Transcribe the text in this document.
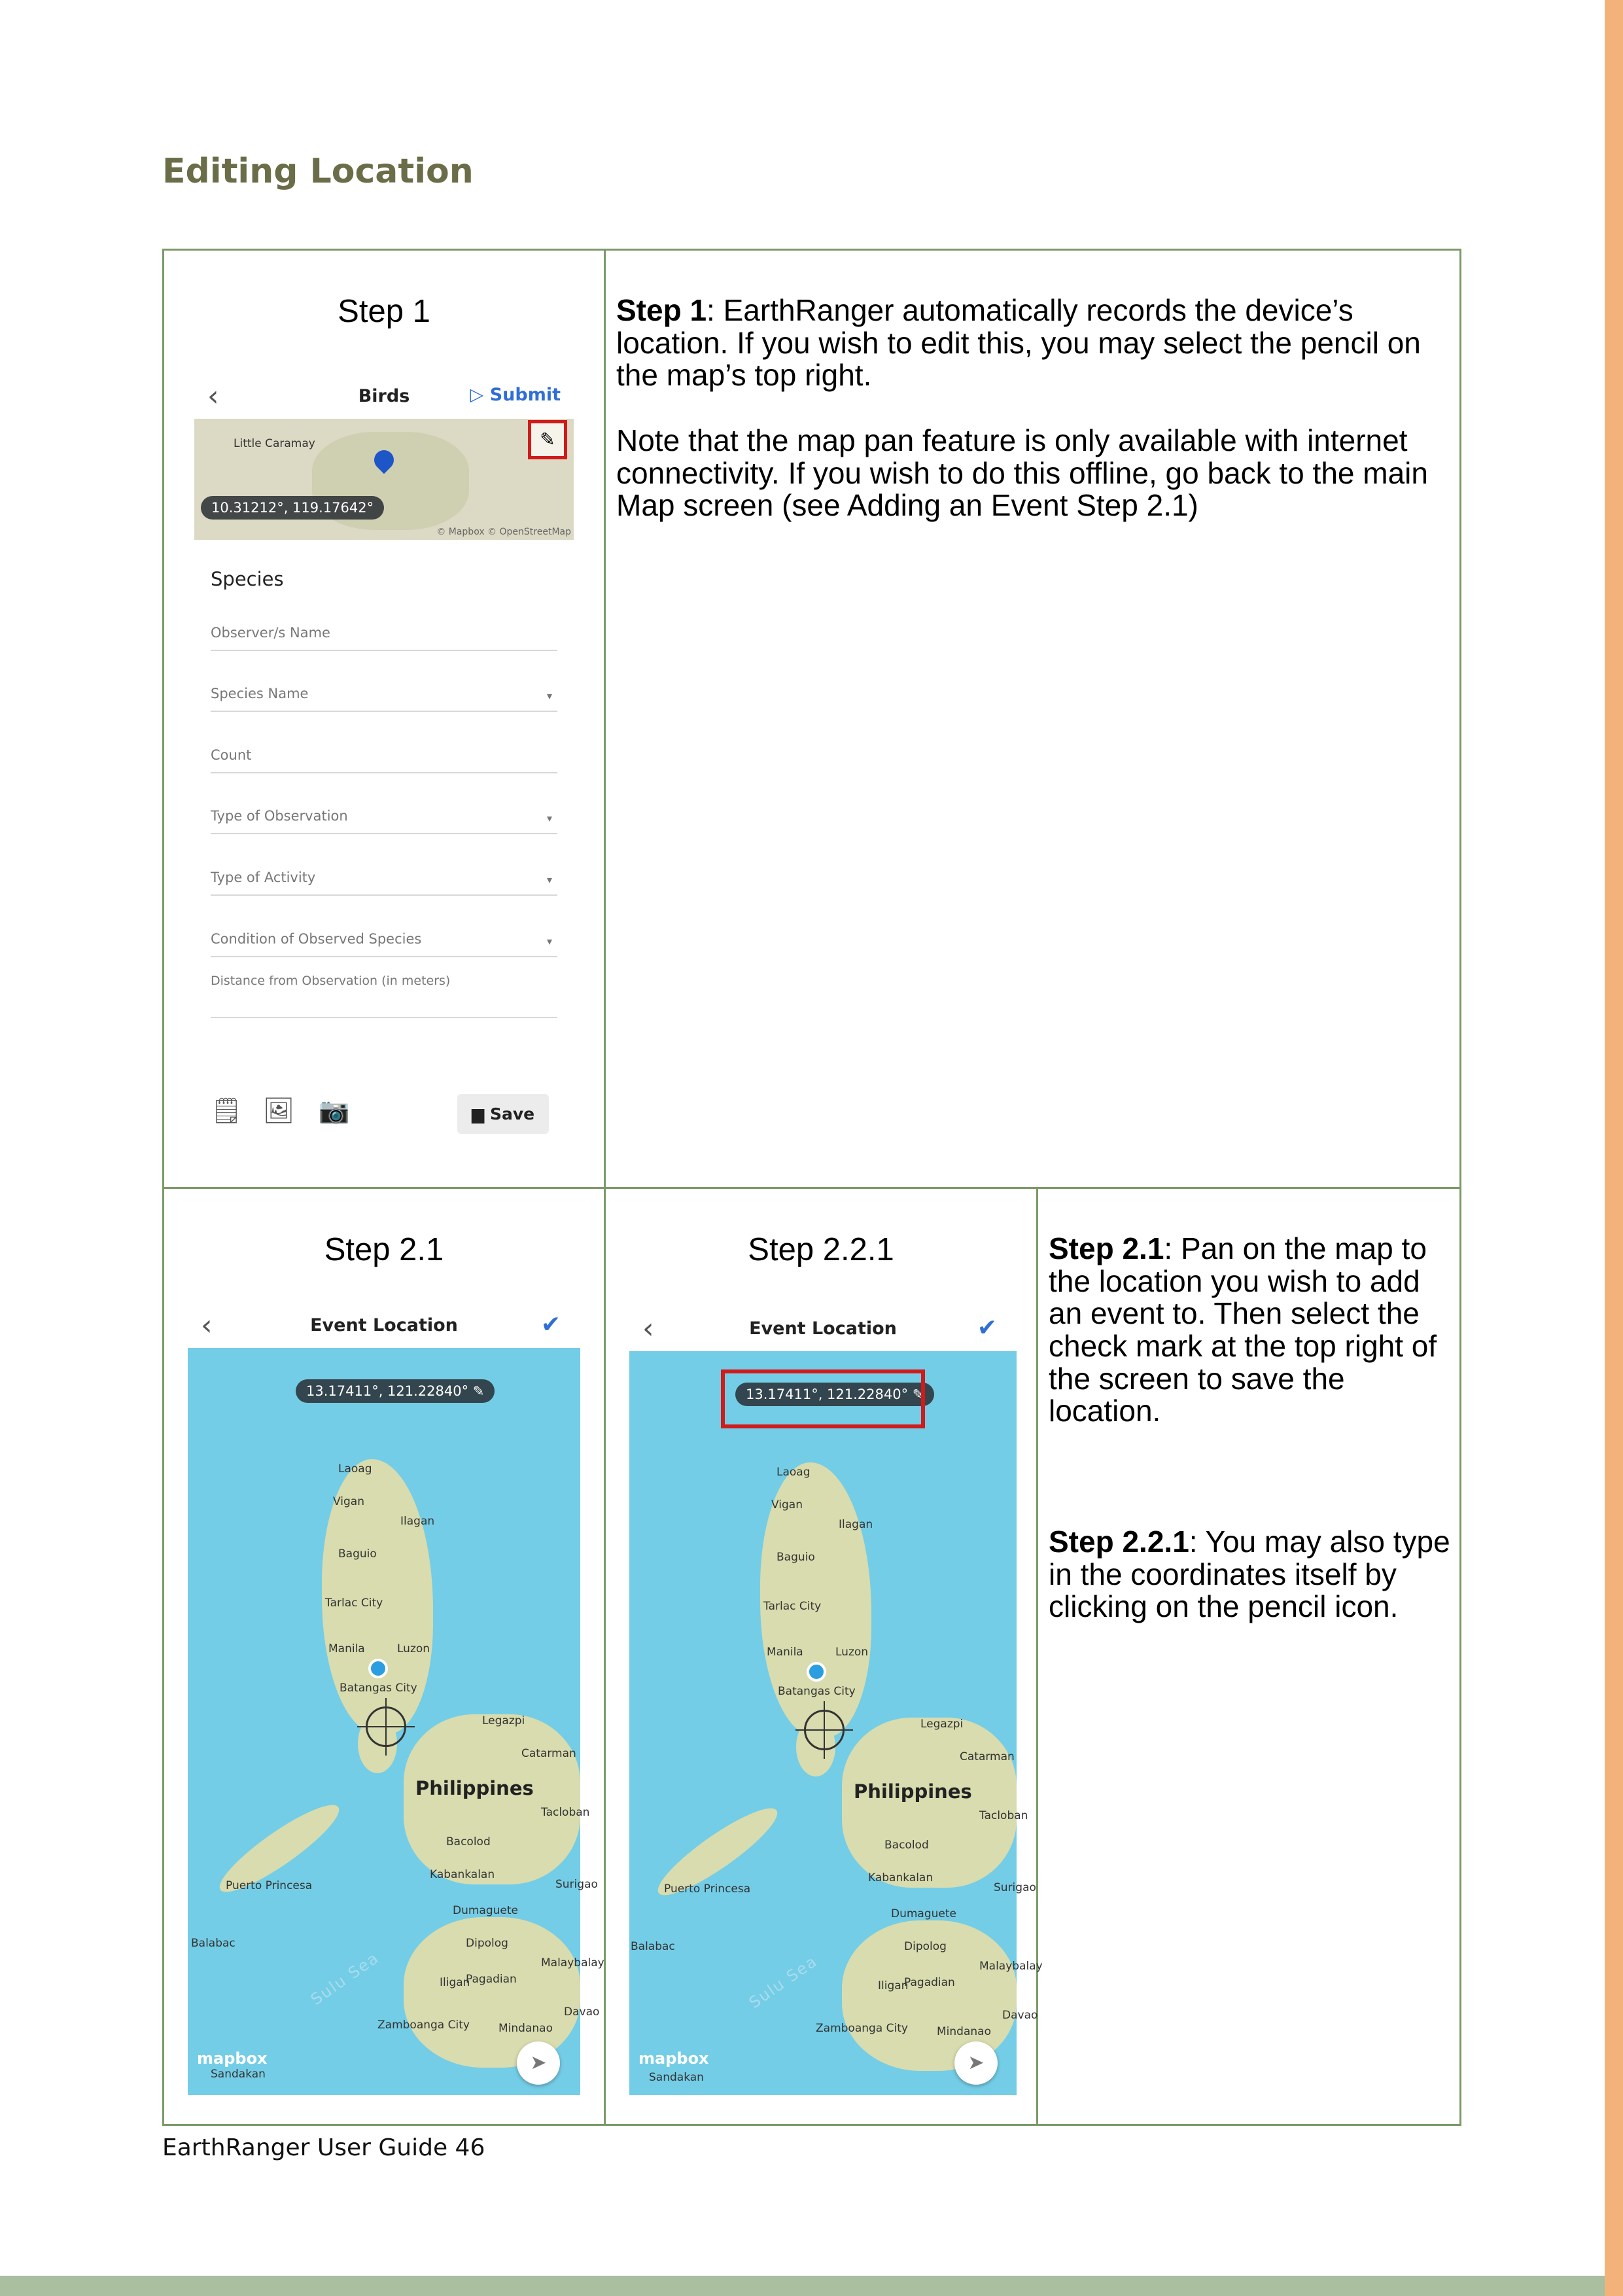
Editing Location
Step 1
‹	Birds	▷ Submit
Little Caramay
10.31212°, 119.17642°
© Mapbox © OpenStreetMap
✎
Species
Observer/s Name
Species Name	▾
Count
Type of Observation	▾
Type of Activity	▾
Condition of Observed Species	▾
Distance from Observation (in meters)
🗒 🖼 📷	▆ Save

Step 1: EarthRanger automatically records the device’s location. If you wish to edit this, you may select the pencil on the map’s top right.

Note that the map pan feature is only available with internet connectivity. If you wish to do this offline, go back to the main Map screen (see Adding an Event Step 2.1)

Step 2.1	Step 2.2.1
‹	Event Location	✔
13.17411°, 121.22840° ✎
Laoag
Vigan
Ilagan
Baguio
Tarlac City
Manila	Luzon
Batangas City
Legazpi
Catarman
Tacloban
Bacolod
Kabankalan
Puerto Princesa
Dumaguete
Dipolog
Iligan
Pagadian
Zamboanga City	Mindanao
Balabac
Sandakan
Malaybalay
Surigao
Davao
Philippines
Sulu Sea
mapbox	➤
‹	Event Location	✔
13.17411°, 121.22840° ✎
Laoag
Vigan
Ilagan
Baguio
Tarlac City
Manila	Luzon
Batangas City
Legazpi
Catarman
Tacloban
Bacolod
Kabankalan
Puerto Princesa
Dumaguete
Dipolog
Iligan
Pagadian
Zamboanga City	Mindanao
Balabac
Sandakan
Malaybalay
Surigao
Davao
Philippines
Sulu Sea
mapbox	➤

Step 2.1: Pan on the map to the location you wish to add an event to. Then select the check mark at the top right of the screen to save the location.

Step 2.2.1: You may also type in the coordinates itself by clicking on the pencil icon.

EarthRanger User Guide 46
